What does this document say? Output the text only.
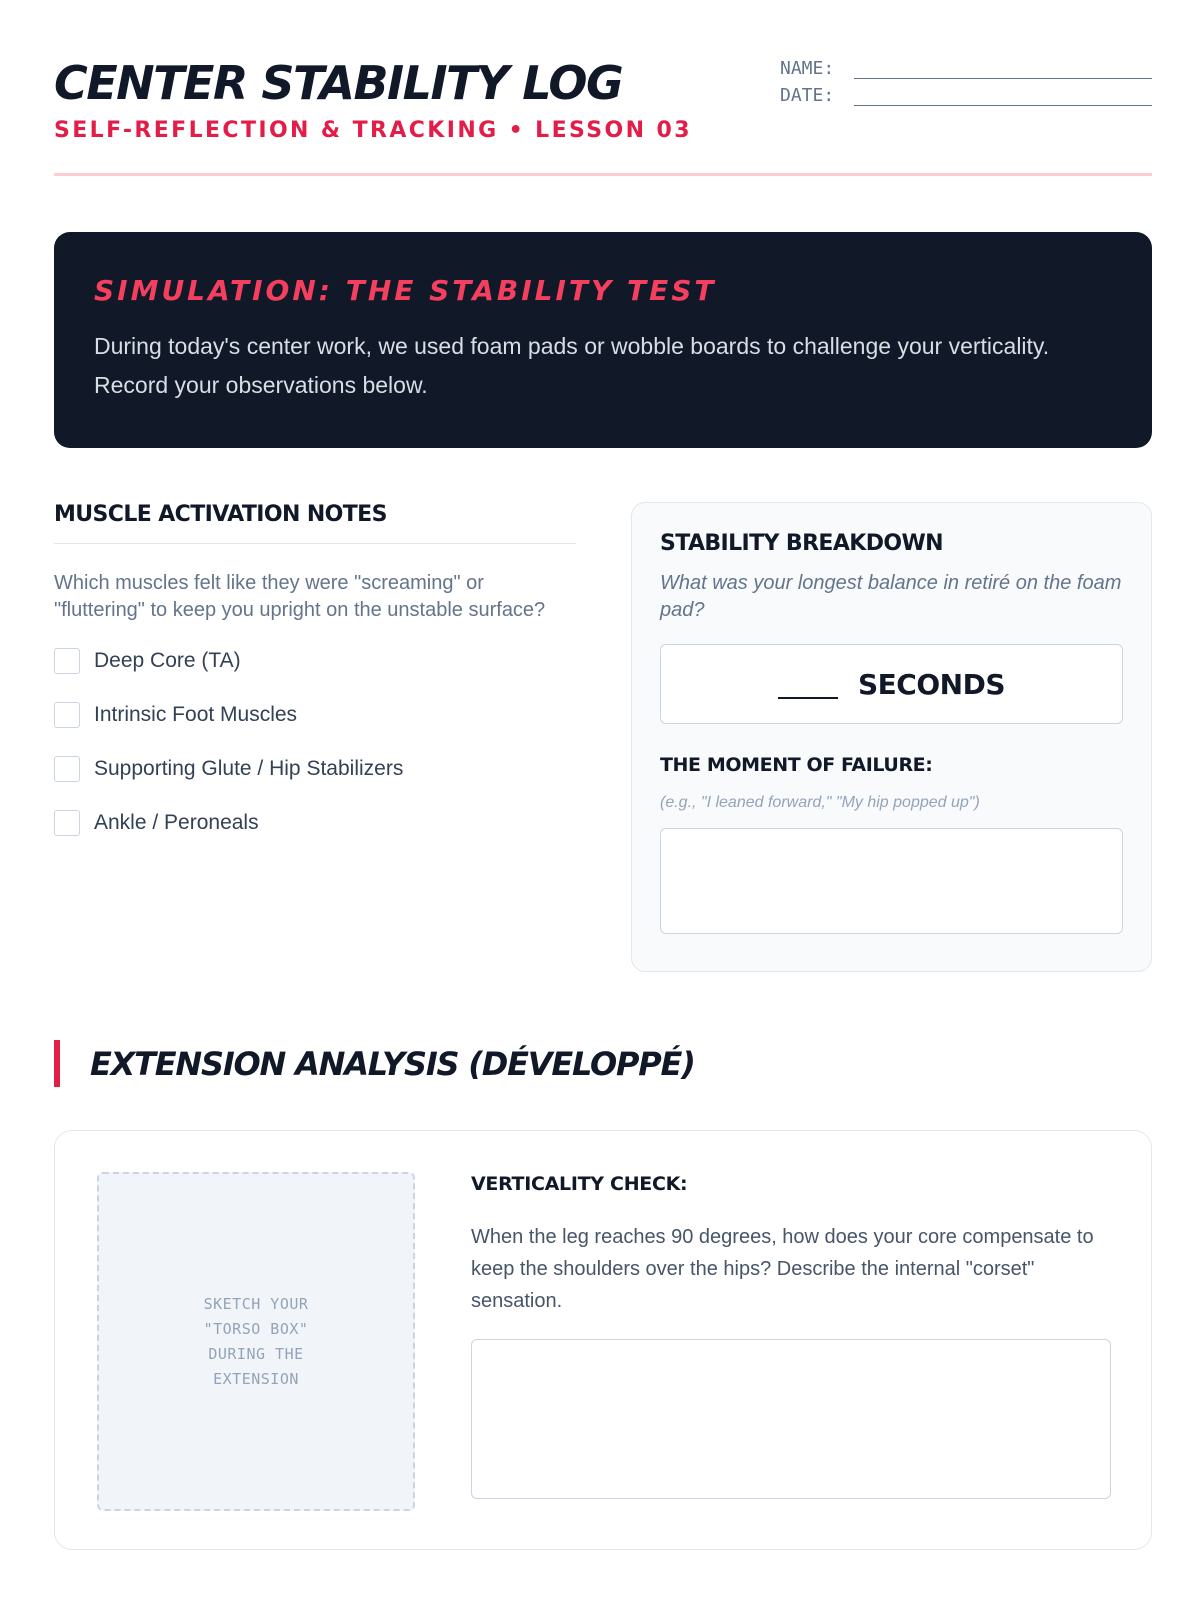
CENTER STABILITY LOG
SELF-REFLECTION & TRACKING • LESSON 03
NAME:
DATE:
SIMULATION: THE STABILITY TEST
During today's center work, we used foam pads or wobble boards to challenge your verticality. Record your observations below.
MUSCLE ACTIVATION NOTES
Which muscles felt like they were "screaming" or "fluttering" to keep you upright on the unstable surface?
Deep Core (TA)
Intrinsic Foot Muscles
Supporting Glute / Hip Stabilizers
Ankle / Peroneals
STABILITY BREAKDOWN
What was your longest balance in retiré on the foam pad?
SECONDS
THE MOMENT OF FAILURE:
(e.g., "I leaned forward," "My hip popped up")
EXTENSION ANALYSIS (DÉVELOPPÉ)
SKETCH YOUR "TORSO BOX" DURING THE EXTENSION
VERTICALITY CHECK:
When the leg reaches 90 degrees, how does your core compensate to keep the shoulders over the hips? Describe the internal "corset" sensation.
